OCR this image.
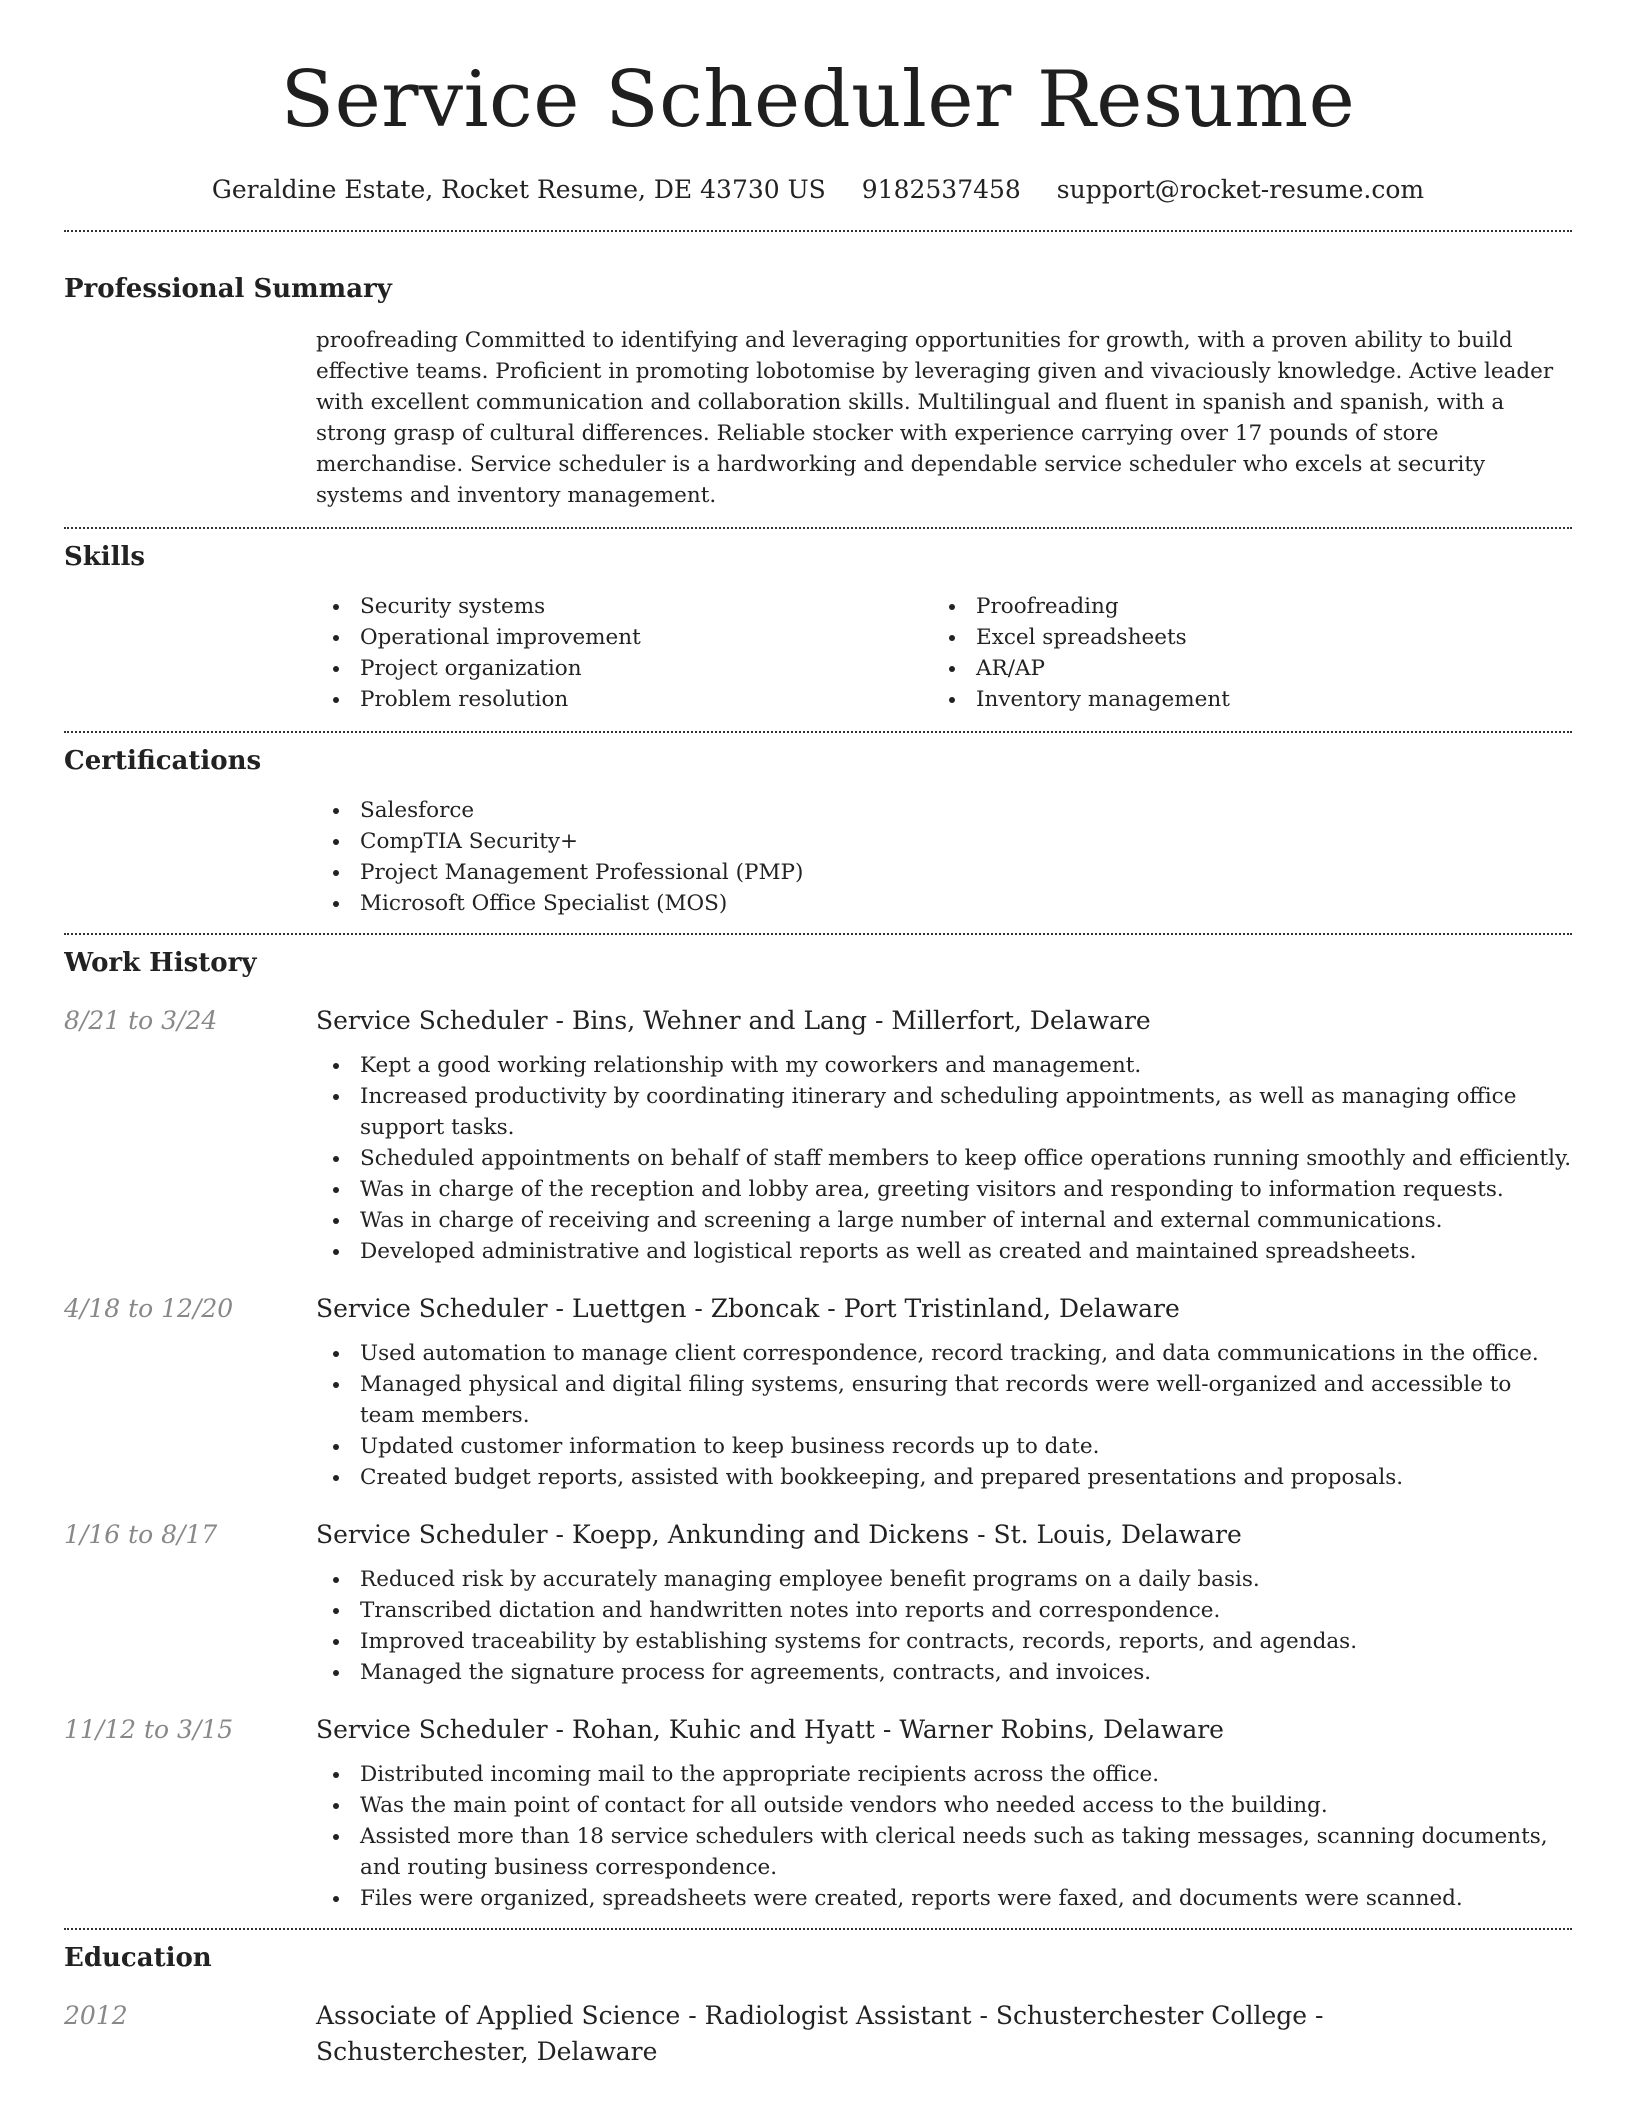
Service Scheduler Resume
Geraldine Estate, Rocket Resume, DE 43730 US 9182537458 support@rocket-resume.com
Professional Summary

proofreading Committed to identifying and leveraging opportunities for growth, with a proven ability to build effective teams. Proficient in promoting lobotomise by leveraging given and vivaciously knowledge. Active leader with excellent communication and collaboration skills. Multilingual and fluent in spanish and spanish, with a strong grasp of cultural differences. Reliable stocker with experience carrying over 17 pounds of store merchandise. Service scheduler is a hardworking and dependable service scheduler who excels at security systems and inventory management.

Skills
Security systems
Operational improvement
Project organization
Problem resolution
Proofreading
Excel spreadsheets
AR/AP
Inventory management
Certifications
Salesforce
CompTIA Security+
Project Management Professional (PMP)
Microsoft Office Specialist (MOS)
Work History
8/21 to 3/24	Service Scheduler - Bins, Wehner and Lang - Millerfort, Delaware
Kept a good working relationship with my coworkers and management.
Increased productivity by coordinating itinerary and scheduling appointments, as well as managing office support tasks.
Scheduled appointments on behalf of staff members to keep office operations running smoothly and efficiently.
Was in charge of the reception and lobby area, greeting visitors and responding to information requests.
Was in charge of receiving and screening a large number of internal and external communications.
Developed administrative and logistical reports as well as created and maintained spreadsheets.
4/18 to 12/20	Service Scheduler - Luettgen - Zboncak - Port Tristinland, Delaware
Used automation to manage client correspondence, record tracking, and data communications in the office.
Managed physical and digital filing systems, ensuring that records were well-organized and accessible to team members.
Updated customer information to keep business records up to date.
Created budget reports, assisted with bookkeeping, and prepared presentations and proposals.
1/16 to 8/17	Service Scheduler - Koepp, Ankunding and Dickens - St. Louis, Delaware
Reduced risk by accurately managing employee benefit programs on a daily basis.
Transcribed dictation and handwritten notes into reports and correspondence.
Improved traceability by establishing systems for contracts, records, reports, and agendas.
Managed the signature process for agreements, contracts, and invoices.
11/12 to 3/15	Service Scheduler - Rohan, Kuhic and Hyatt - Warner Robins, Delaware
Distributed incoming mail to the appropriate recipients across the office.
Was the main point of contact for all outside vendors who needed access to the building.
Assisted more than 18 service schedulers with clerical needs such as taking messages, scanning documents, and routing business correspondence.
Files were organized, spreadsheets were created, reports were faxed, and documents were scanned.
Education
2012	Associate of Applied Science - Radiologist Assistant - Schusterchester College - Schusterchester, Delaware
